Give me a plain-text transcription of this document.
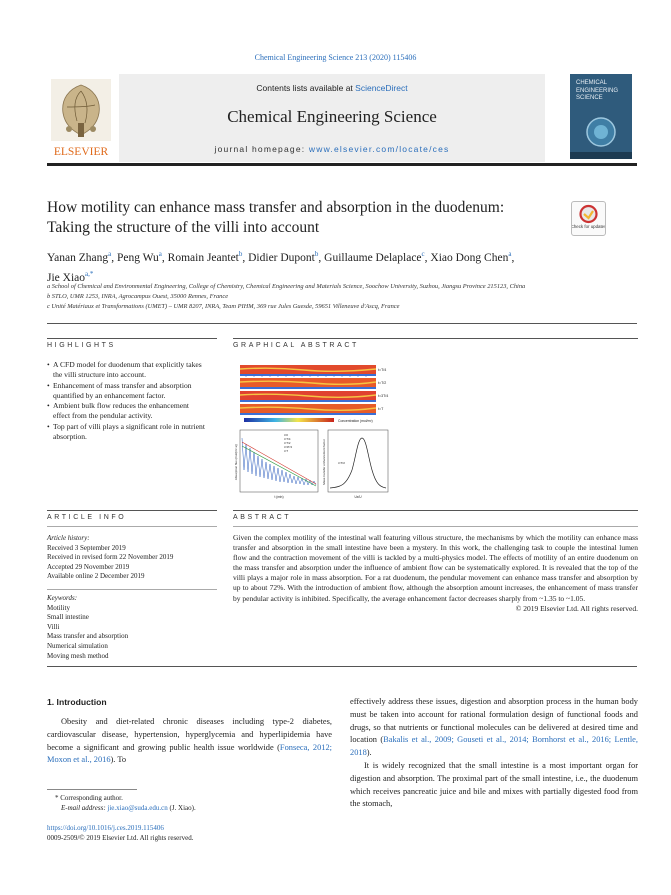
Chemical Engineering Science 213 (2020) 115406
ELSEVIER
Contents lists available at ScienceDirect
Chemical Engineering Science
journal homepage: www.elsevier.com/locate/ces
CHEMICAL ENGINEERING SCIENCE
How motility can enhance mass transfer and absorption in the duodenum: Taking the structure of the villi into account	Check for updates
Yanan Zhang$^a$, Peng Wu$^a$, Romain Jeantet$^b$, Didier Dupont$^b$, Guillaume Delaplace$^c$, Xiao Dong Chen$^a$,
Jie Xiao$^{a,*}$
a School of Chemical and Environmental Engineering, College of Chemistry, Chemical Engineering and Materials Science, Soochow University, Suzhou, Jiangsu Province 215123, China
b STLO, UMR 1253, INRA, Agrocampus Ouest, 35000 Rennes, France
c Unité Matériaux et Transformations (UMET) – UMR 8207, INRA, Team PIHM, 369 rue Jules Guesde, 59651 Villeneuve d'Ascq, France
HIGHLIGHTS
• A CFD model for duodenum that explicitly takes the villi structure into account.
• Enhancement of mass transfer and absorption quantified by an enhancement factor.
• Ambient bulk flow reduces the enhancement effect from the pendular activity.
• Top part of villi plays a significant role in nutrient absorption.
GRAPHICAL ABSTRACT
t=T/4
t=T/2
t=3T/4
t=T
Concentration (mol/m³)
Absorption flux (mol/(m²·s))
t (min)
t=0
t=T/4
t=T/2
t=3T/4
t=T
t=T/2
Mass transfer enhancement factor
Ux/U
ARTICLE INFO
Article history:
Received 3 September 2019
Received in revised form 22 November 2019
Accepted 29 November 2019
Available online 2 December 2019
Keywords:
Motility
Small intestine
Villi
Mass transfer and absorption
Numerical simulation
Moving mesh method
ABSTRACT
Given the complex motility of the intestinal wall featuring villous structure, the mechanisms by which the motility can enhance mass transfer and absorption in the small intestine have been a mystery. In this work, the challenging task to couple the intestinal lumen flow and the contraction movement of the villi is tackled by a multi-physics model. The effects of motility of an entire duodenum on the mass transfer and absorption under the influence of ambient flow can be systematically explored. It is revealed that the top of the villi plays a major role in mass absorption. For a rat duodenum, the pendular movement can enhance mass transfer and absorption by up to about 72%. With the introduction of ambient flow, although the absorption amount increases, the enhancement of mass transfer by pendular activity is inhibited. Specifically, the average enhancement factor decreases sharply from ~1.35 to ~1.05.
© 2019 Elsevier Ltd. All rights reserved.
1. Introduction
Obesity and diet-related chronic diseases including type-2 diabetes, cardiovascular disease, hypertension, hyperglycemia and hyperlipidemia have become a significant and growing public health issue worldwide (Fonseca, 2012; Moxon et al., 2016). To
effectively address these issues, digestion and absorption process in the human body must be taken into account for rational formulation design of functional foods and drugs, so that nutrients or functional molecules can be delivered at desired time and location (Bakalis et al., 2009; Gouseti et al., 2014; Bornhorst et al., 2016; Lentle, 2018).
It is widely recognized that the small intestine is a most important organ for digestion and absorption. The proximal part of the small intestine, i.e., the duodenum which receives pancreatic juice and bile and mixes with partially digested food from the stomach,
* Corresponding author.
E-mail address: jie.xiao@suda.edu.cn (J. Xiao).
https://doi.org/10.1016/j.ces.2019.115406
0009-2509/© 2019 Elsevier Ltd. All rights reserved.
